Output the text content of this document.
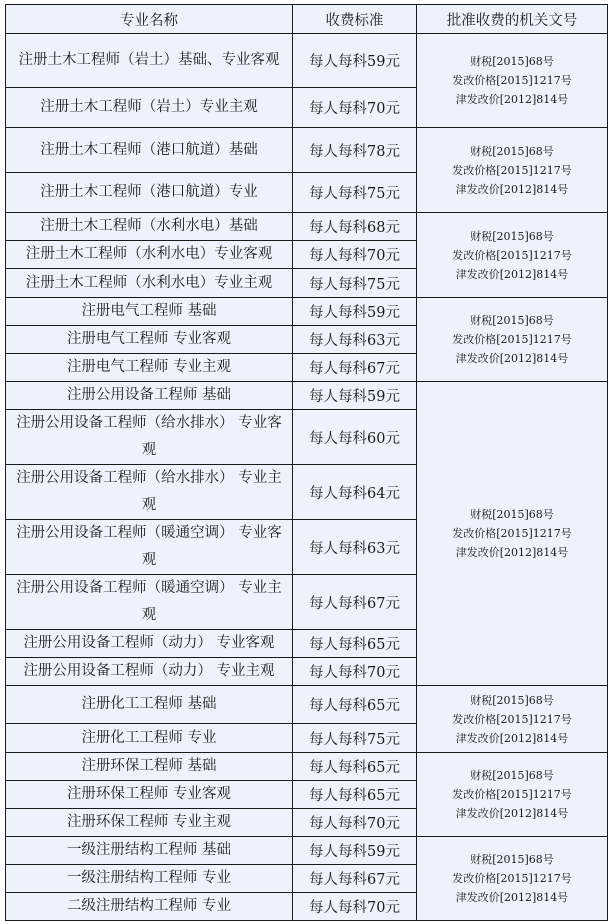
专业名称	收费标准	批准收费的机关文号
注册土木工程师（岩土）基础、专业客观	每人每科59元	财税[2015]68号
发改价格[2015]1217号
津发改价[2012]814号

注册土木工程师（岩土）专业主观	每人每科70元	
注册土木工程师（港口航道）基础	每人每科78元	财税[2015]68号
发改价格[2015]1217号
津发改价[2012]814号

注册土木工程师（港口航道）专业	每人每科75元	
注册土木工程师（水利水电）基础	每人每科68元	财税[2015]68号
发改价格[2015]1217号
津发改价[2012]814号

注册土木工程师（水利水电）专业客观	每人每科70元	
注册土木工程师（水利水电）专业主观	每人每科75元	
注册电气工程师 基础	每人每科59元	财税[2015]68号
发改价格[2015]1217号
津发改价[2012]814号

注册电气工程师 专业客观	每人每科63元	
注册电气工程师 专业主观	每人每科67元	
注册公用设备工程师 基础	每人每科59元	财税[2015]68号
发改价格[2015]1217号
津发改价[2012]814号

注册公用设备工程师（给水排水） 专业客观	每人每科60元	
注册公用设备工程师（给水排水） 专业主观	每人每科64元	
注册公用设备工程师（暖通空调） 专业客观	每人每科63元	
注册公用设备工程师（暖通空调） 专业主观	每人每科67元	
注册公用设备工程师（动力） 专业客观	每人每科65元	
注册公用设备工程师（动力） 专业主观	每人每科70元	
注册化工工程师 基础	每人每科65元	财税[2015]68号
发改价格[2015]1217号
津发改价[2012]814号

注册化工工程师 专业	每人每科75元	
注册环保工程师 基础	每人每科65元	财税[2015]68号
发改价格[2015]1217号
津发改价[2012]814号

注册环保工程师 专业客观	每人每科65元	
注册环保工程师 专业主观	每人每科70元	
一级注册结构工程师 基础	每人每科59元	财税[2015]68号
发改价格[2015]1217号
津发改价[2012]814号

一级注册结构工程师 专业	每人每科67元	
二级注册结构工程师 专业	每人每科70元	
